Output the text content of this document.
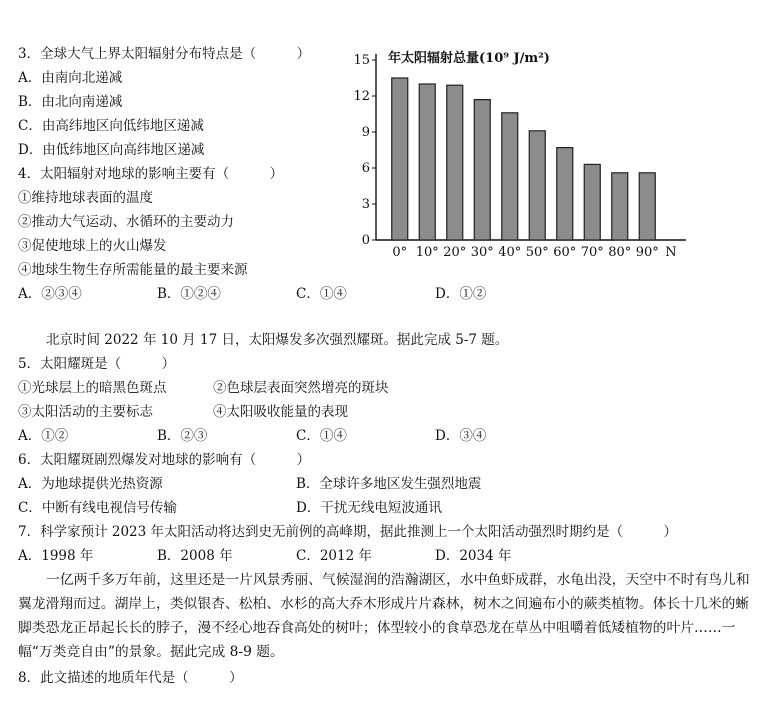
3．全球大气上界太阳辐射分布特点是（　　　）
A．由南向北递减
B．由北向南递减
C．由高纬地区向低纬地区递减
D．由低纬地区向高纬地区递减
4．太阳辐射对地球的影响主要有（　　　）
①维持地球表面的温度
②推动大气运动、水循环的主要动力
③促使地球上的火山爆发
④地球生物生存所需能量的最主要来源
A．②③④	B．①②④	C．①④	D．①②
0
3
6
9
12
15 年太阳辐射总量(10⁹ J/m²)
0° 10° 20° 30° 40° 50° 60° 70° 80° 90° N
北京时间 2022 年 10 月 17 日，太阳爆发多次强烈耀斑。据此完成 5-7 题。
5．太阳耀斑是（　　　）
①光球层上的暗黑色斑点	②色球层表面突然增亮的斑块
③太阳活动的主要标志	④太阳吸收能量的表现
A．①②	B．②③	C．①④	D．③④
6．太阳耀斑剧烈爆发对地球的影响有（　　　）
A．为地球提供光热资源	B．全球许多地区发生强烈地震
C．中断有线电视信号传输	D．干扰无线电短波通讯
7．科学家预计 2023 年太阳活动将达到史无前例的高峰期，据此推测上一个太阳活动强烈时期约是（　　　）
A．1998 年	B．2008 年	C．2012 年	D．2034 年
一亿两千多万年前，这里还是一片风景秀丽、气候湿润的浩瀚湖区，水中鱼虾成群，水龟出没，天空中不时有鸟儿和翼龙滑翔而过。湖岸上，类似银杏、松柏、水杉的高大乔木形成片片森林，树木之间遍布小的蕨类植物。体长十几米的蜥脚类恐龙正昂起长长的脖子，漫不经心地吞食高处的树叶；体型较小的食草恐龙在草丛中咀嚼着低矮植物的叶片……一幅“万类竞自由”的景象。据此完成 8-9 题。
8．此文描述的地质年代是（　　　）
